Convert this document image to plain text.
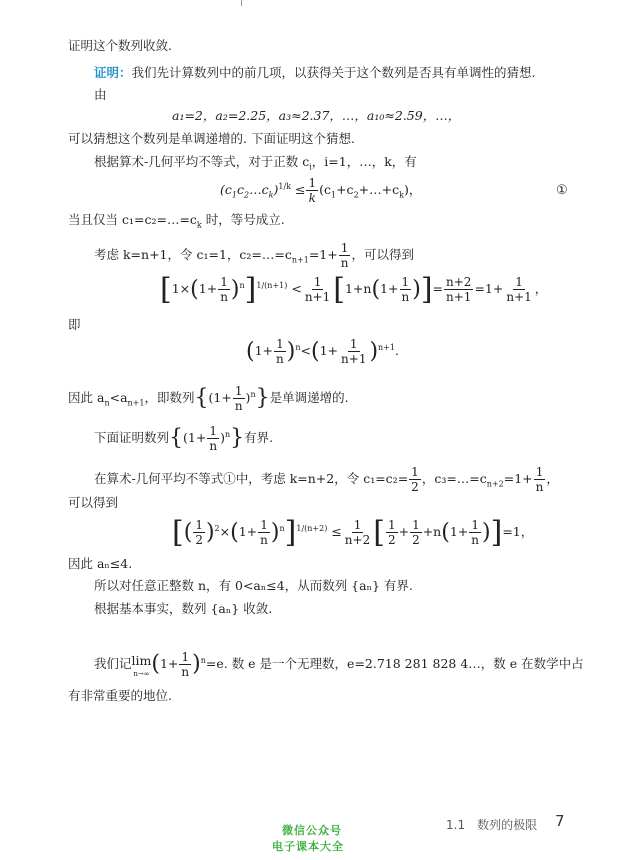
证明这个数列收敛.
证明：我们先计算数列中的前几项，以获得关于这个数列是否具有单调性的猜想.
由
a₁=2，a₂=2.25，a₃≈2.37，…，a₁₀≈2.59，…，
可以猜想这个数列是单调递增的. 下面证明这个猜想.
根据算术-几何平均不等式，对于正数 $c_i$，i=1，…，k，有
$(c_1c_2\dots c_k)^{1/k} \le \frac{1}{k}$ $(c_1+c_2+\dots+c_k)$，	①
当且仅当 $c_1=c_2=\dots=c_k$ 时，等号成立.
考虑 k=n+1，令 c₁=1，$c_2=\dots=c_{n+1}=1+ \frac{1}{n}$ ，可以得到
$[1\times(1+ \frac{1}{n} )^n]^{1/(n+1)} < \frac{1}{n+1} [1+n(1+ \frac{1}{n}$ )]= $\frac{n+2}{n+1} =1+ \frac{1}{n+1}$ ，
即
$(1+ \frac{1}{n} )^n<(1+ \frac{1}{n+1} )^{n+1}$.
因此 $a_n<a_{n+1}$，即数列$\{(1+ \frac{1}{n} )^n\}$是单调递增的.
下面证明数列$\{(1+ \frac{1}{n} )^n\}$有界.
在算术-几何平均不等式①中，考虑 k=n+2，令 $c_1=c_2= \frac{1}{2}$ ，$c_3=\dots=c_{n+2}=1+ \frac{1}{n}$ ，
可以得到
[( $\frac{1}{2} )^2\times(1+ \frac{1}{n} )^n]^{1/(n+2)} \le \frac{1}{n+2}$ [ $\frac{1}{2} + \frac{1}{2} +n(1+ \frac{1}{n} )]=1$，
因此 aₙ≤4.
所以对任意正整数 n，有 0<aₙ≤4，从而数列 {aₙ} 有界.
根据基本事实，数列 {aₙ} 收敛.
我们记 lim
n→∞ $(1+ \frac{1}{n} )^n=e$. 数 e 是一个无理数，e=2.718 281 828 4…，数 e 在数学中占
有非常重要的地位.
1.1　数列的极限 7
微信公众号
电子课本大全
